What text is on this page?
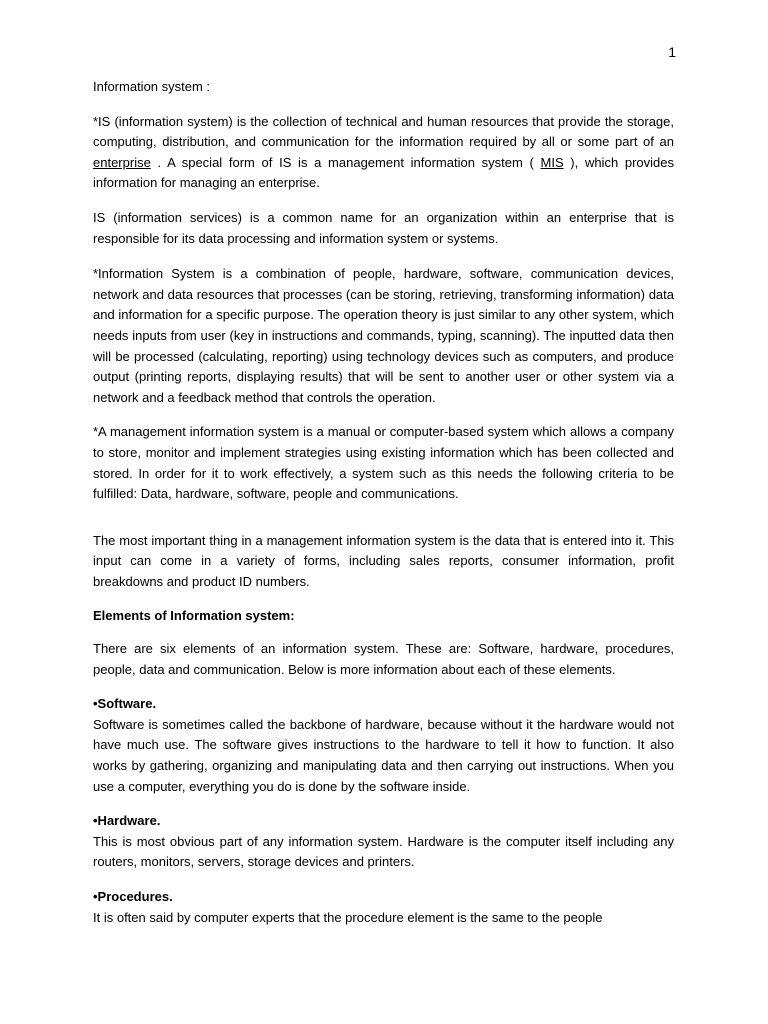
1

Information system :

*IS (information system) is the collection of technical and human resources that provide the storage, computing, distribution, and communication for the information required by all or some part of an enterprise . A special form of IS is a management information system ( MIS ), which provides information for managing an enterprise.

IS (information services) is a common name for an organization within an enterprise that is responsible for its data processing and information system or systems.

*Information System is a combination of people, hardware, software, communication devices, network and data resources that processes (can be storing, retrieving, transforming information) data and information for a specific purpose. The operation theory is just similar to any other system, which needs inputs from user (key in instructions and commands, typing, scanning). The inputted data then will be processed (calculating, reporting) using technology devices such as computers, and produce output (printing reports, displaying results) that will be sent to another user or other system via a network and a feedback method that controls the operation.

*A management information system is a manual or computer-based system which allows a company to store, monitor and implement strategies using existing information which has been collected and stored. In order for it to work effectively, a system such as this needs the following criteria to be fulfilled: Data, hardware, software, people and communications.

The most important thing in a management information system is the data that is entered into it. This input can come in a variety of forms, including sales reports, consumer information, profit breakdowns and product ID numbers.

Elements of Information system:

There are six elements of an information system. These are: Software, hardware, procedures, people, data and communication. Below is more information about each of these elements.

•Software.

Software is sometimes called the backbone of hardware, because without it the hardware would not have much use. The software gives instructions to the hardware to tell it how to function. It also works by gathering, organizing and manipulating data and then carrying out instructions. When you use a computer, everything you do is done by the software inside.

•Hardware.

This is most obvious part of any information system. Hardware is the computer itself including any routers, monitors, servers, storage devices and printers.

•Procedures.

It is often said by computer experts that the procedure element is the same to the people
